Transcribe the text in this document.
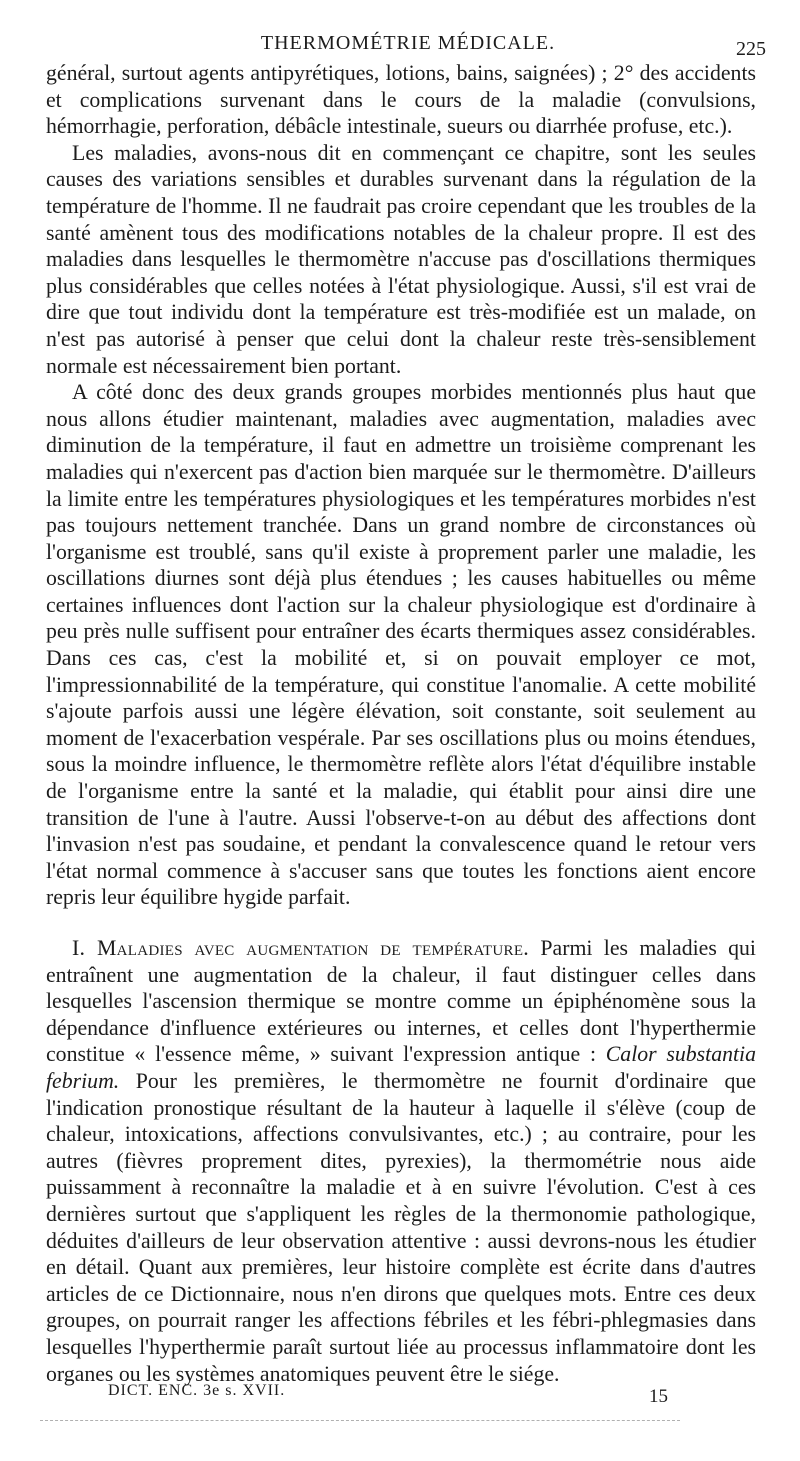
THERMOMÉTRIE MÉDICALE.	225

général, surtout agents antipyrétiques, lotions, bains, saignées) ; 2° des accidents et complications survenant dans le cours de la maladie (convulsions, hémorrhagie, perforation, débâcle intestinale, sueurs ou diarrhée profuse, etc.).

Les maladies, avons-nous dit en commençant ce chapitre, sont les seules causes des variations sensibles et durables survenant dans la régulation de la température de l'homme. Il ne faudrait pas croire cependant que les troubles de la santé amènent tous des modifications notables de la chaleur propre. Il est des maladies dans lesquelles le thermomètre n'accuse pas d'oscillations thermiques plus considérables que celles notées à l'état physiologique. Aussi, s'il est vrai de dire que tout individu dont la température est très-modifiée est un malade, on n'est pas autorisé à penser que celui dont la chaleur reste très-sensiblement normale est nécessairement bien portant.

A côté donc des deux grands groupes morbides mentionnés plus haut que nous allons étudier maintenant, maladies avec augmentation, maladies avec diminution de la température, il faut en admettre un troisième comprenant les maladies qui n'exercent pas d'action bien marquée sur le thermomètre. D'ailleurs la limite entre les températures physiologiques et les températures morbides n'est pas toujours nettement tranchée. Dans un grand nombre de circonstances où l'organisme est troublé, sans qu'il existe à proprement parler une maladie, les oscillations diurnes sont déjà plus étendues ; les causes habituelles ou même certaines influences dont l'action sur la chaleur physiologique est d'ordinaire à peu près nulle suffisent pour entraîner des écarts thermiques assez considérables. Dans ces cas, c'est la mobilité et, si on pouvait employer ce mot, l'impressionnabilité de la température, qui constitue l'anomalie. A cette mobilité s'ajoute parfois aussi une légère élévation, soit constante, soit seulement au moment de l'exacerbation vespérale. Par ses oscillations plus ou moins étendues, sous la moindre influence, le thermomètre reflète alors l'état d'équilibre instable de l'organisme entre la santé et la maladie, qui établit pour ainsi dire une transition de l'une à l'autre. Aussi l'observe-t-on au début des affections dont l'invasion n'est pas soudaine, et pendant la convalescence quand le retour vers l'état normal commence à s'accuser sans que toutes les fonctions aient encore repris leur équilibre hygide parfait.

I. Maladies avec augmentation de température. Parmi les maladies qui entraînent une augmentation de la chaleur, il faut distinguer celles dans lesquelles l'ascension thermique se montre comme un épiphénomène sous la dépendance d'influence extérieures ou internes, et celles dont l'hyperthermie constitue « l'essence même, » suivant l'expression antique : Calor substantia febrium. Pour les premières, le thermomètre ne fournit d'ordinaire que l'indication pronostique résultant de la hauteur à laquelle il s'élève (coup de chaleur, intoxications, affections convulsivantes, etc.) ; au contraire, pour les autres (fièvres proprement dites, pyrexies), la thermométrie nous aide puissamment à reconnaître la maladie et à en suivre l'évolution. C'est à ces dernières surtout que s'appliquent les règles de la thermonomie pathologique, déduites d'ailleurs de leur observation attentive : aussi devrons-nous les étudier en détail. Quant aux premières, leur histoire complète est écrite dans d'autres articles de ce Dictionnaire, nous n'en dirons que quelques mots. Entre ces deux groupes, on pourrait ranger les affections fébriles et les fébri-phlegmasies dans lesquelles l'hyperthermie paraît surtout liée au processus inflammatoire dont les organes ou les systèmes anatomiques peuvent être le siége.

DICT. ENC. 3e s. XVII.	15
